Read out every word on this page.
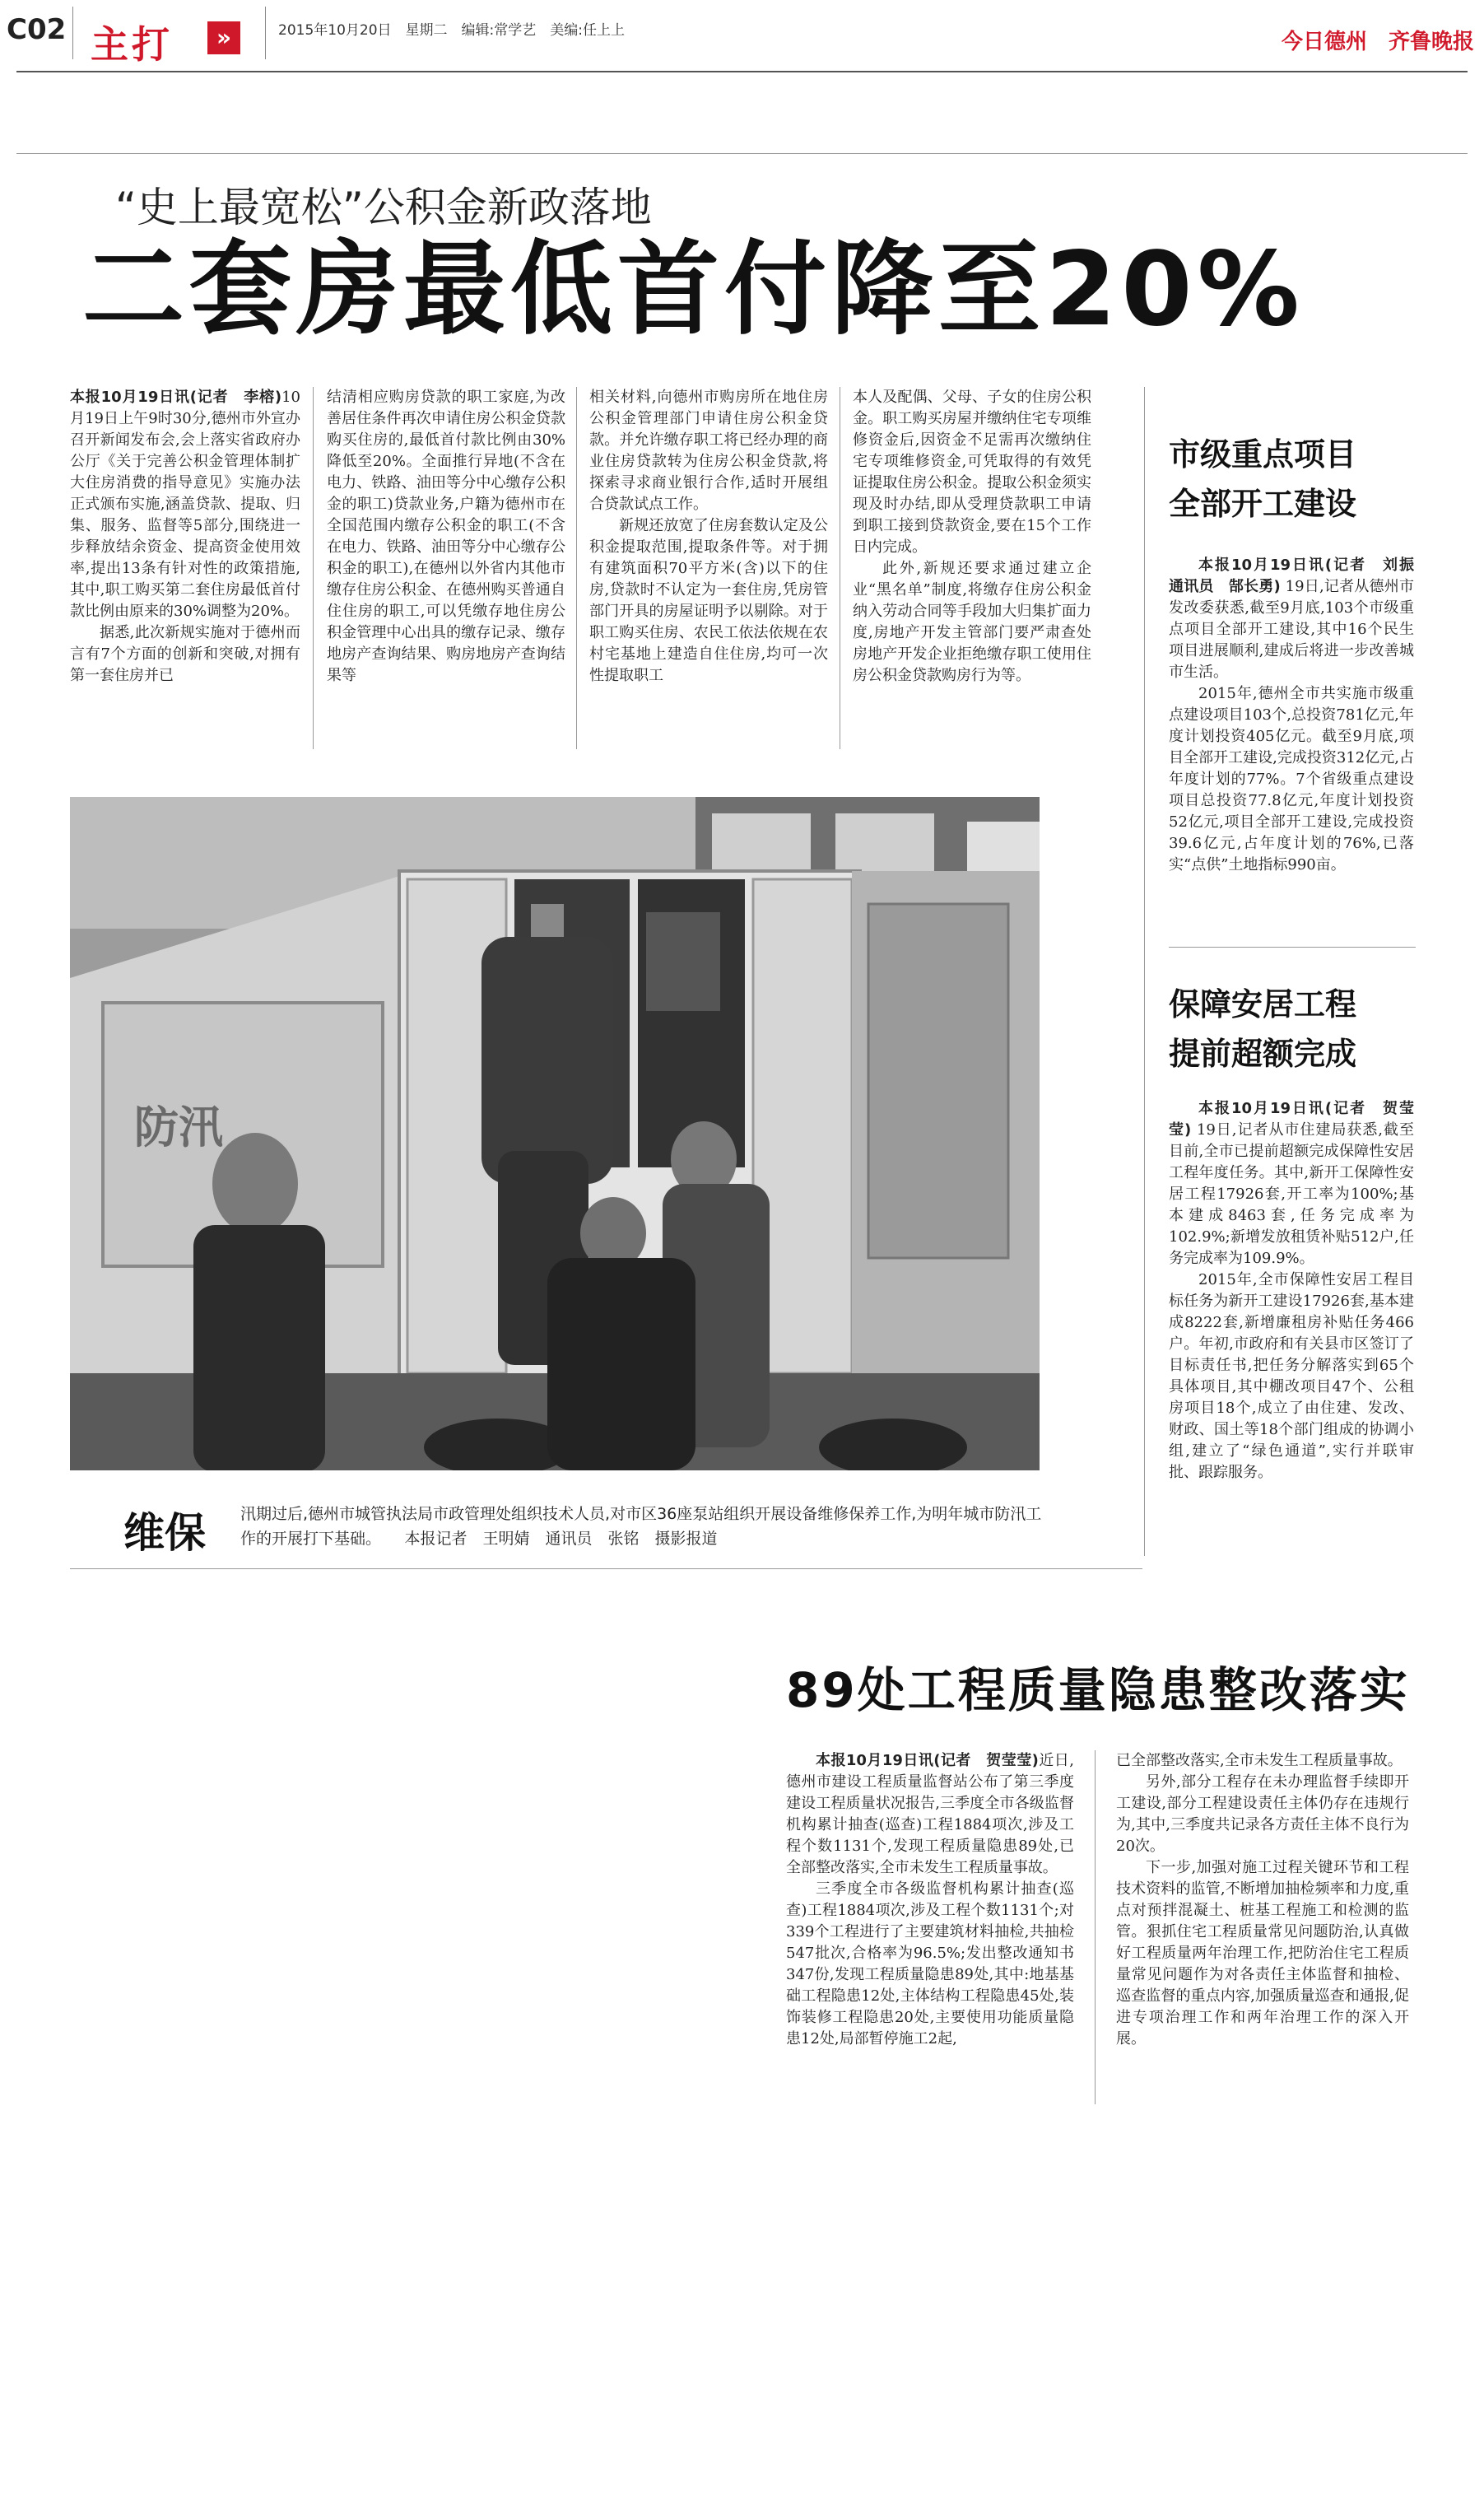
C02 主打	»	2015年10月20日　星期二　编辑:常学艺　美编:任上上	今日德州　齐鲁晚报
“史上最宽松”公积金新政落地
二套房最低首付降至20%

本报10月19日讯(记者　李榕)10月19日上午9时30分,德州市外宣办召开新闻发布会,会上落实省政府办公厅《关于完善公积金管理体制扩大住房消费的指导意见》实施办法正式颁布实施,涵盖贷款、提取、归集、服务、监督等5部分,围绕进一步释放结余资金、提高资金使用效率,提出13条有针对性的政策措施,其中,职工购买第二套住房最低首付款比例由原来的30%调整为20%。

据悉,此次新规实施对于德州而言有7个方面的创新和突破,对拥有第一套住房并已

结清相应购房贷款的职工家庭,为改善居住条件再次申请住房公积金贷款购买住房的,最低首付款比例由30%降低至20%。全面推行异地(不含在电力、铁路、油田等分中心缴存公积金的职工)贷款业务,户籍为德州市在全国范围内缴存公积金的职工(不含在电力、铁路、油田等分中心缴存公积金的职工),在德州以外省内其他市缴存住房公积金、在德州购买普通自住住房的职工,可以凭缴存地住房公积金管理中心出具的缴存记录、缴存地房产查询结果、购房地房产查询结果等

相关材料,向德州市购房所在地住房公积金管理部门申请住房公积金贷款。并允许缴存职工将已经办理的商业住房贷款转为住房公积金贷款,将探索寻求商业银行合作,适时开展组合贷款试点工作。

新规还放宽了住房套数认定及公积金提取范围,提取条件等。对于拥有建筑面积70平方米(含)以下的住房,贷款时不认定为一套住房,凭房管部门开具的房屋证明予以剔除。对于职工购买住房、农民工依法依规在农村宅基地上建造自住住房,均可一次性提取职工

本人及配偶、父母、子女的住房公积金。职工购买房屋并缴纳住宅专项维修资金后,因资金不足需再次缴纳住宅专项维修资金,可凭取得的有效凭证提取住房公积金。提取公积金须实现及时办结,即从受理贷款职工申请到职工接到贷款资金,要在15个工作日内完成。

此外,新规还要求通过建立企业“黑名单”制度,将缴存住房公积金纳入劳动合同等手段加大归集扩面力度,房地产开发主管部门要严肃查处房地产开发企业拒绝缴存职工使用住房公积金贷款购房行为等。

市级重点项目
全部开工建设

本报10月19日讯(记者　刘振　通讯员　郜长勇) 19日,记者从德州市发改委获悉,截至9月底,103个市级重点项目全部开工建设,其中16个民生项目进展顺利,建成后将进一步改善城市生活。

2015年,德州全市共实施市级重点建设项目103个,总投资781亿元,年度计划投资405亿元。截至9月底,项目全部开工建设,完成投资312亿元,占年度计划的77%。7个省级重点建设项目总投资77.8亿元,年度计划投资52亿元,项目全部开工建设,完成投资39.6亿元,占年度计划的76%,已落实“点供”土地指标990亩。

保障安居工程
提前超额完成

本报10月19日讯(记者　贺莹莹) 19日,记者从市住建局获悉,截至目前,全市已提前超额完成保障性安居工程年度任务。其中,新开工保障性安居工程17926套,开工率为100%;基本建成8463套,任务完成率为102.9%;新增发放租赁补贴512户,任务完成率为109.9%。

2015年,全市保障性安居工程目标任务为新开工建设17926套,基本建成8222套,新增廉租房补贴任务466户。年初,市政府和有关县市区签订了目标责任书,把任务分解落实到65个具体项目,其中棚改项目47个、公租房项目18个,成立了由住建、发改、财政、国土等18个部门组成的协调小组,建立了“绿色通道”,实行并联审批、跟踪服务。

防汛
维保 汛期过后,德州市城管执法局市政管理处组织技术人员,对市区36座泵站组织开展设备维修保养工作,为明年城市防汛工作的开展打下基础。　　本报记者　王明婧　通讯员　张铭　摄影报道
89处工程质量隐患整改落实

本报10月19日讯(记者　贺莹莹)近日,德州市建设工程质量监督站公布了第三季度建设工程质量状况报告,三季度全市各级监督机构累计抽查(巡查)工程1884项次,涉及工程个数1131个,发现工程质量隐患89处,已全部整改落实,全市未发生工程质量事故。

三季度全市各级监督机构累计抽查(巡查)工程1884项次,涉及工程个数1131个;对339个工程进行了主要建筑材料抽检,共抽检547批次,合格率为96.5%;发出整改通知书347份,发现工程质量隐患89处,其中:地基基础工程隐患12处,主体结构工程隐患45处,装饰装修工程隐患20处,主要使用功能质量隐患12处,局部暂停施工2起,

已全部整改落实,全市未发生工程质量事故。

另外,部分工程存在未办理监督手续即开工建设,部分工程建设责任主体仍存在违规行为,其中,三季度共记录各方责任主体不良行为20次。

下一步,加强对施工过程关键环节和工程技术资料的监管,不断增加抽检频率和力度,重点对预拌混凝土、桩基工程施工和检测的监管。狠抓住宅工程质量常见问题防治,认真做好工程质量两年治理工作,把防治住宅工程质量常见问题作为对各责任主体监督和抽检、巡查监督的重点内容,加强质量巡查和通报,促进专项治理工作和两年治理工作的深入开展。
